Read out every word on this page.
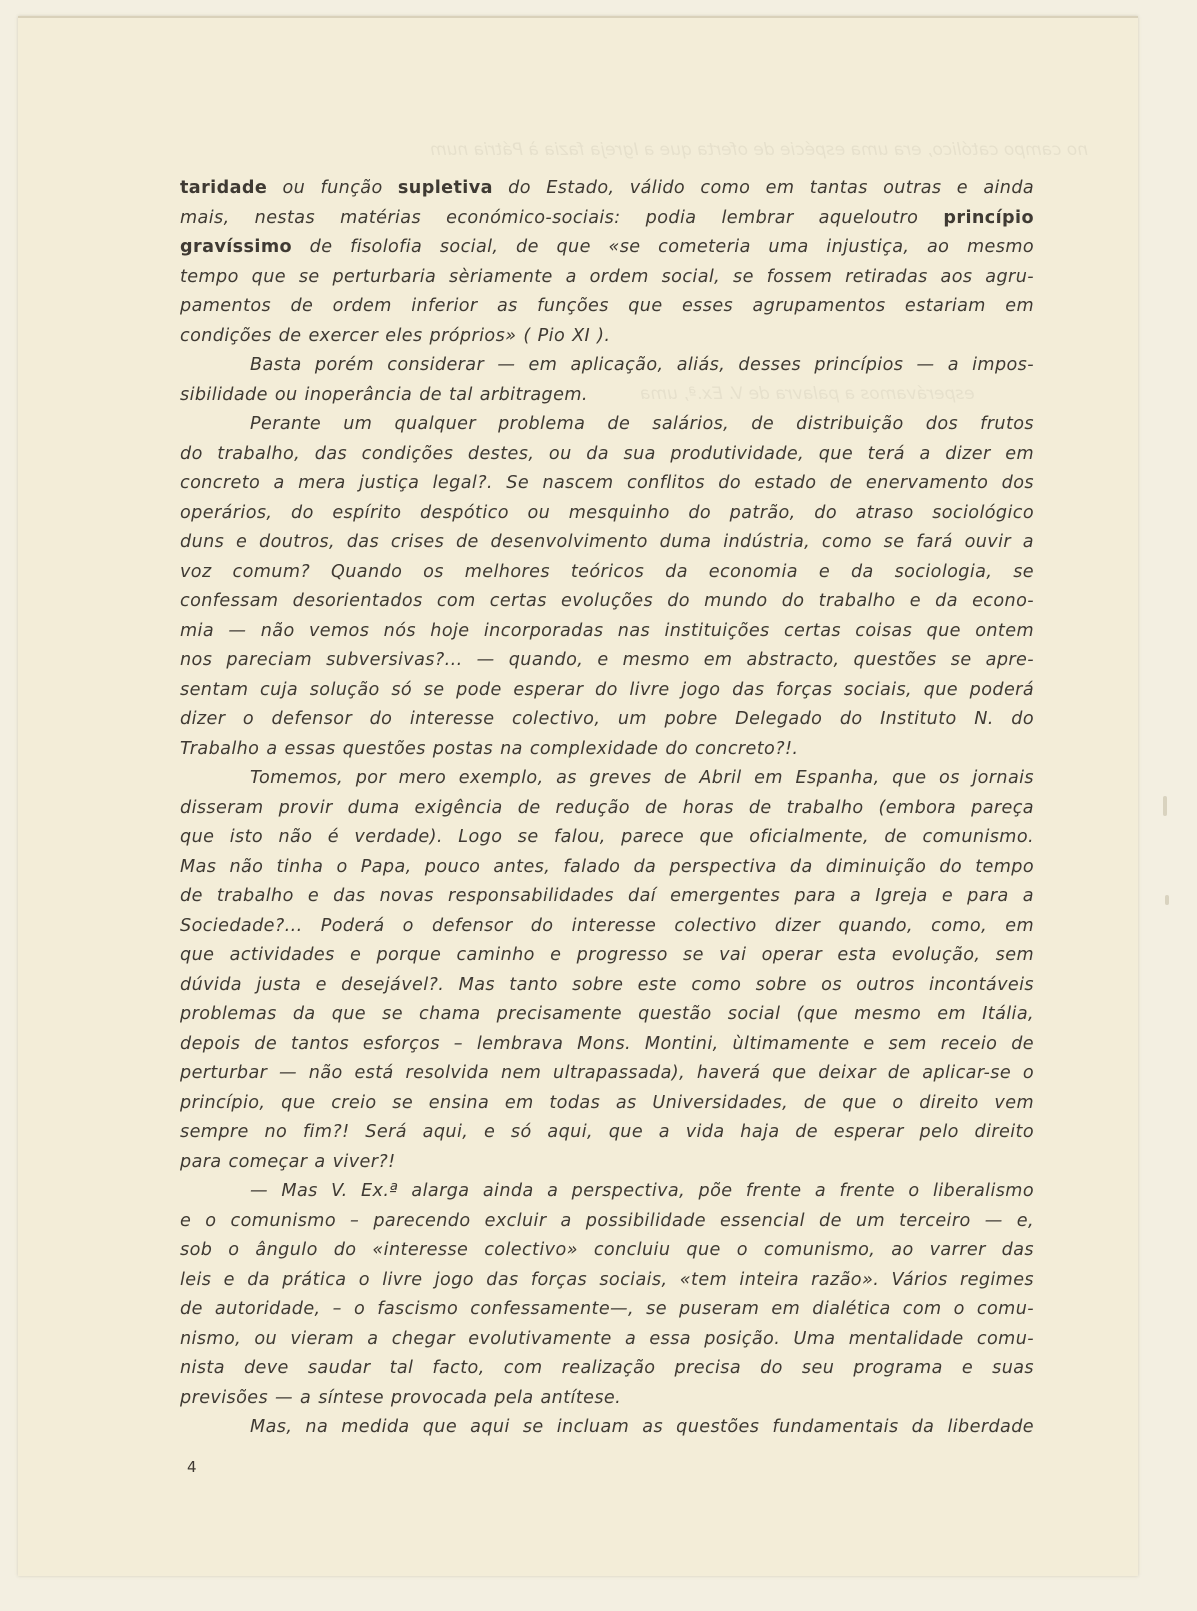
no campo católico, era uma espécie de oferta que a Igreja fazia à Pátria num
esperávamos a palavra de V. Ex.ª, uma
taridade ou função supletiva do Estado, válido como em tantas outras e ainda
mais, nestas matérias económico-sociais: podia lembrar aqueloutro princípio
gravíssimo de fisolofia social, de que «se cometeria uma injustiça, ao mesmo
tempo que se perturbaria sèriamente a ordem social, se fossem retiradas aos agru-
pamentos de ordem inferior as funções que esses agrupamentos estariam em
condições de exercer eles próprios» ( Pio XI ).
Basta porém considerar — em aplicação, aliás, desses princípios — a impos-
sibilidade ou inoperância de tal arbitragem.
Perante um qualquer problema de salários, de distribuição dos frutos
do trabalho, das condições destes, ou da sua produtividade, que terá a dizer em
concreto a mera justiça legal?. Se nascem conflitos do estado de enervamento dos
operários, do espírito despótico ou mesquinho do patrão, do atraso sociológico
duns e doutros, das crises de desenvolvimento duma indústria, como se fará ouvir a
voz comum? Quando os melhores teóricos da economia e da sociologia, se
confessam desorientados com certas evoluções do mundo do trabalho e da econo-
mia — não vemos nós hoje incorporadas nas instituições certas coisas que ontem
nos pareciam subversivas?... — quando, e mesmo em abstracto, questões se apre-
sentam cuja solução só se pode esperar do livre jogo das forças sociais, que poderá
dizer o defensor do interesse colectivo, um pobre Delegado do Instituto N. do
Trabalho a essas questões postas na complexidade do concreto?!.
Tomemos, por mero exemplo, as greves de Abril em Espanha, que os jornais
disseram provir duma exigência de redução de horas de trabalho (embora pareça
que isto não é verdade). Logo se falou, parece que oficialmente, de comunismo.
Mas não tinha o Papa, pouco antes, falado da perspectiva da diminuição do tempo
de trabalho e das novas responsabilidades daí emergentes para a Igreja e para a
Sociedade?... Poderá o defensor do interesse colectivo dizer quando, como, em
que actividades e porque caminho e progresso se vai operar esta evolução, sem
dúvida justa e desejável?. Mas tanto sobre este como sobre os outros incontáveis
problemas da que se chama precisamente questão social (que mesmo em Itália,
depois de tantos esforços – lembrava Mons. Montini, ùltimamente e sem receio de
perturbar — não está resolvida nem ultrapassada), haverá que deixar de aplicar-se o
princípio, que creio se ensina em todas as Universidades, de que o direito vem
sempre no fim?! Será aqui, e só aqui, que a vida haja de esperar pelo direito
para começar a viver?!
— Mas V. Ex.ª alarga ainda a perspectiva, põe frente a frente o liberalismo
e o comunismo – parecendo excluir a possibilidade essencial de um terceiro — e,
sob o ângulo do «interesse colectivo» concluiu que o comunismo, ao varrer das
leis e da prática o livre jogo das forças sociais, «tem inteira razão». Vários regimes
de autoridade, – o fascismo confessamente—, se puseram em dialética com o comu-
nismo, ou vieram a chegar evolutivamente a essa posição. Uma mentalidade comu-
nista deve saudar tal facto, com realização precisa do seu programa e suas
previsões — a síntese provocada pela antítese.
Mas, na medida que aqui se incluam as questões fundamentais da liberdade
4
